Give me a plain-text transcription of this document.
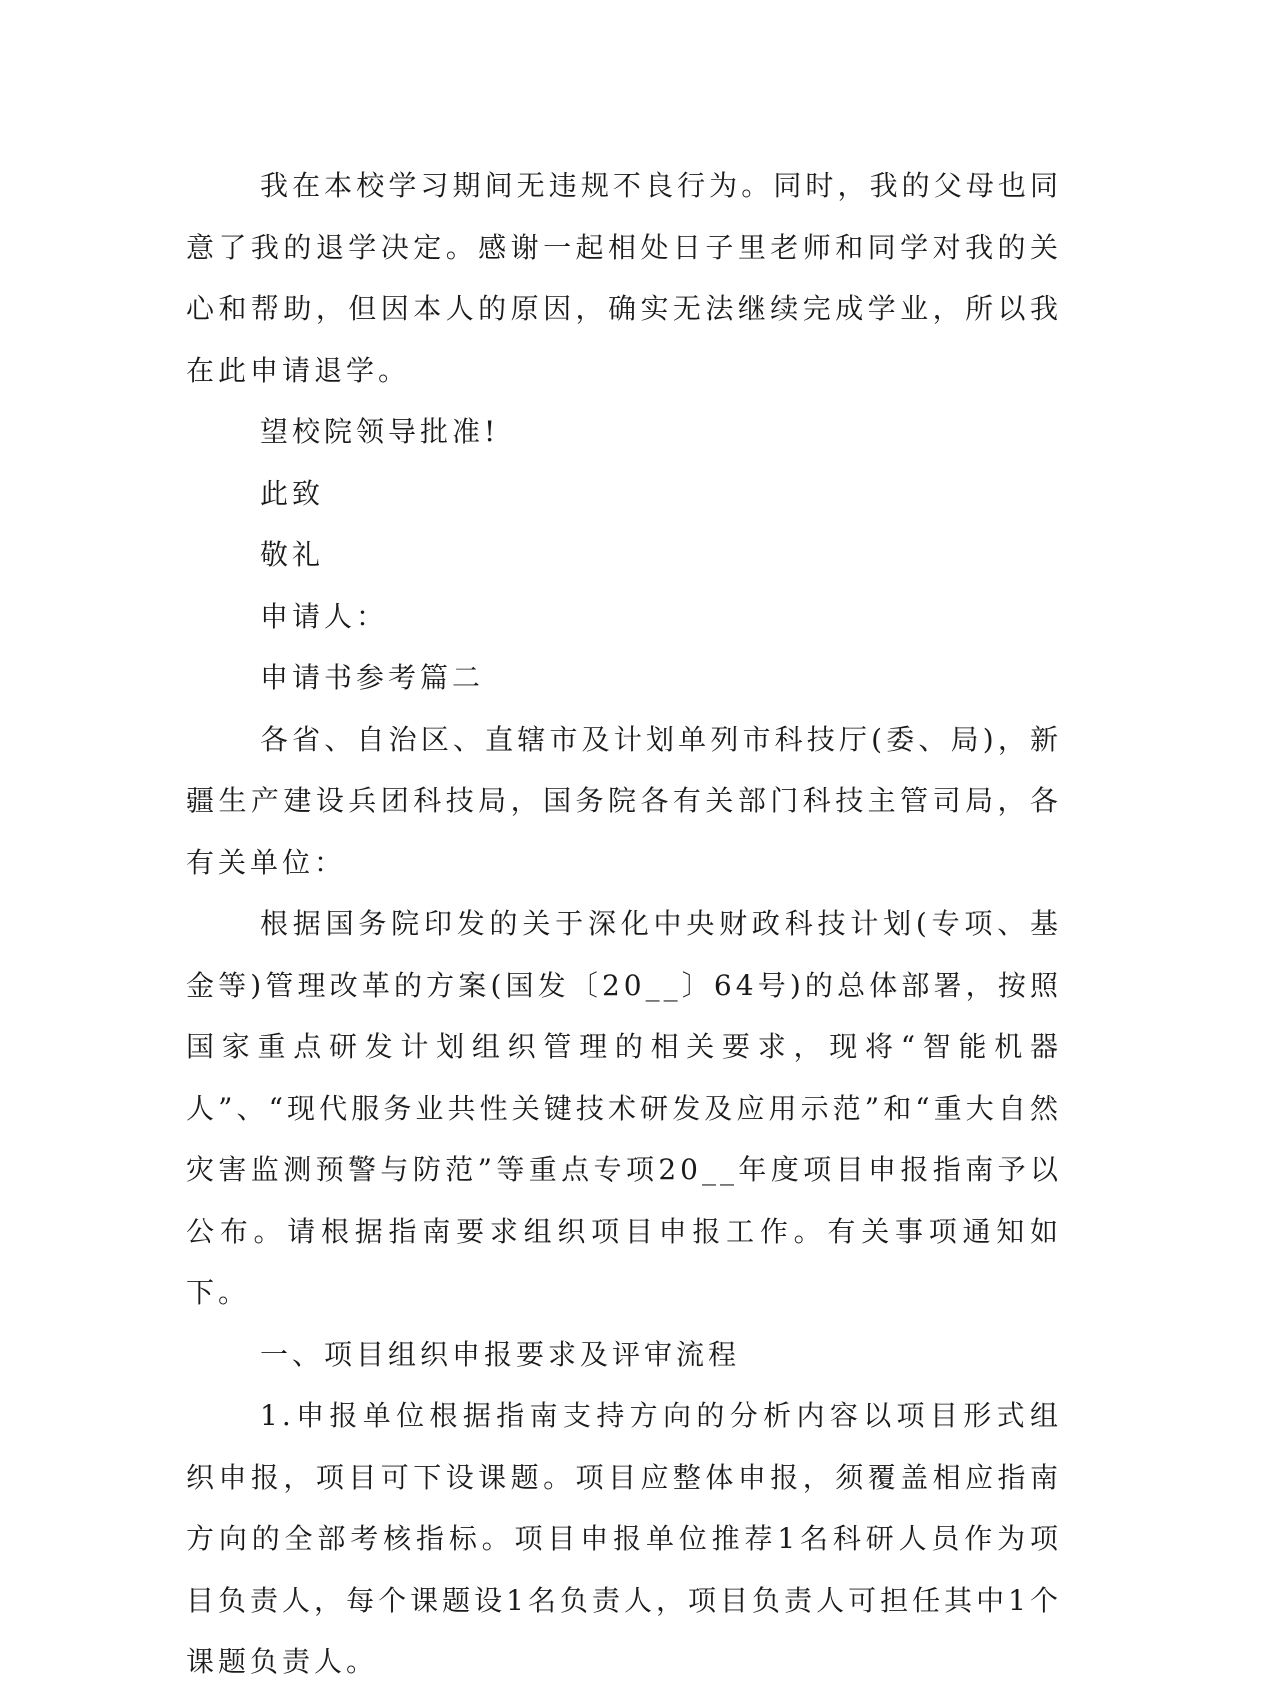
我在本校学习期间无违规不良行为。同时，我的父母也同意了我的退学决定。感谢一起相处日子里老师和同学对我的关心和帮助，但因本人的原因，确实无法继续完成学业，所以我在此申请退学。

望校院领导批准!

此致

敬礼

申请人：

申请书参考篇二

各省、自治区、直辖市及计划单列市科技厅(委、局)，新疆生产建设兵团科技局，国务院各有关部门科技主管司局，各有关单位：

根据国务院印发的关于深化中央财政科技计划(专项、基金等)管理改革的方案(国发〔20__〕64号)的总体部署，按照国家重点研发计划组织管理的相关要求，现将“智能机器人”、“现代服务业共性关键技术研发及应用示范”和“重大自然灾害监测预警与防范”等重点专项20__年度项目申报指南予以公布。请根据指南要求组织项目申报工作。有关事项通知如下。

一、项目组织申报要求及评审流程

1.申报单位根据指南支持方向的分析内容以项目形式组织申报，项目可下设课题。项目应整体申报，须覆盖相应指南方向的全部考核指标。项目申报单位推荐1名科研人员作为项目负责人，每个课题设1名负责人，项目负责人可担任其中1个课题负责人。
